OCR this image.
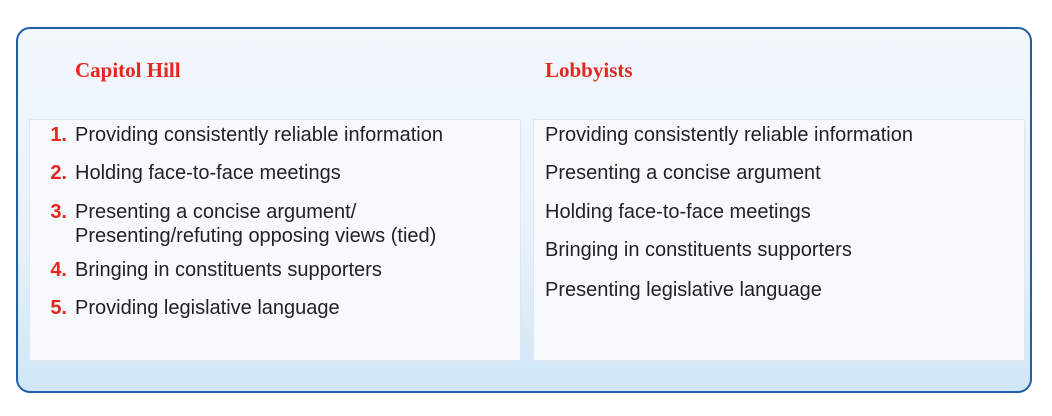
Capitol Hill	Lobbyists
1. Providing consistently reliable information
2. Holding face-to-face meetings
3. Presenting a concise argument/
Presenting/refuting opposing views (tied)
4. Bringing in constituents supporters
5. Providing legislative language
Providing consistently reliable information
Presenting a concise argument
Holding face-to-face meetings
Bringing in constituents supporters
Presenting legislative language
